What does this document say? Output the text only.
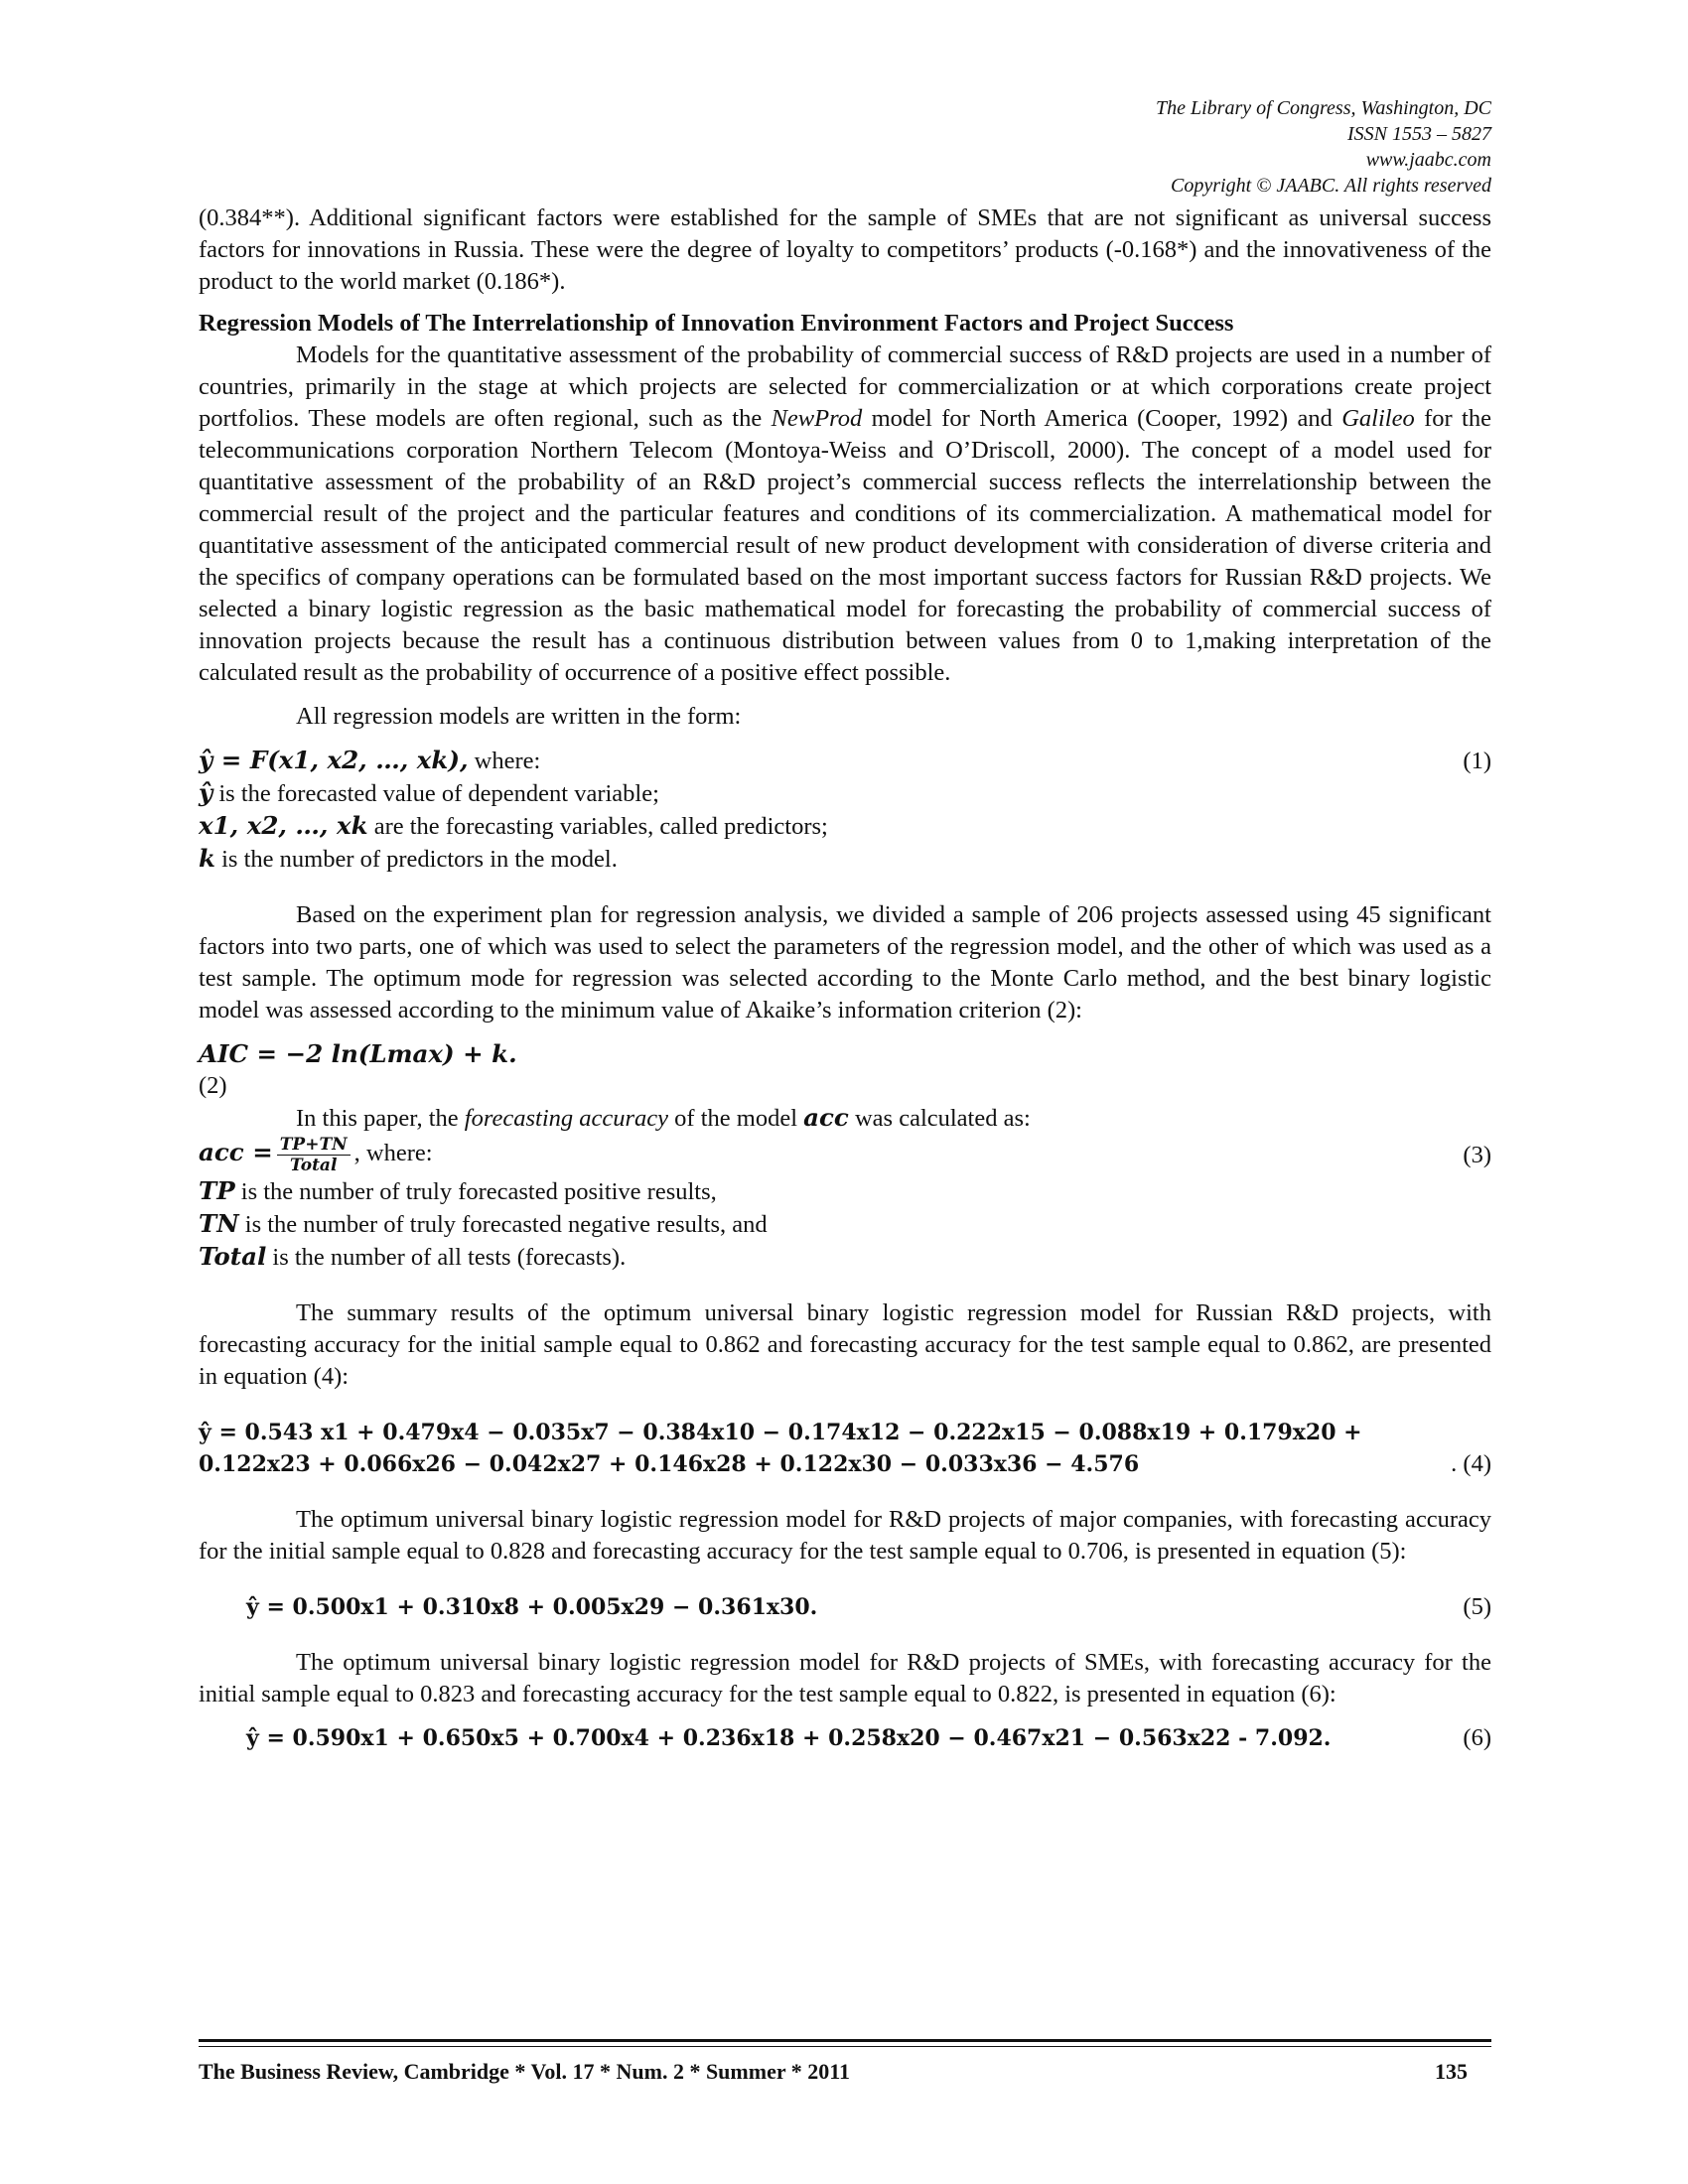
The Library of Congress, Washington, DC
ISSN 1553 – 5827
www.jaabc.com
Copyright © JAABC. All rights reserved

(0.384**). Additional significant factors were established for the sample of SMEs that are not significant as universal success factors for innovations in Russia. These were the degree of loyalty to competitors’ products (-0.168*) and the innovativeness of the product to the world market (0.186*).

Regression Models of The Interrelationship of Innovation Environment Factors and Project Success

Models for the quantitative assessment of the probability of commercial success of R&D projects are used in a number of countries, primarily in the stage at which projects are selected for commercialization or at which corporations create project portfolios. These models are often regional, such as the NewProd model for North America (Cooper, 1992) and Galileo for the telecommunications corporation Northern Telecom (Montoya-Weiss and O’Driscoll, 2000). The concept of a model used for quantitative assessment of the probability of an R&D project’s commercial success reflects the interrelationship between the commercial result of the project and the particular features and conditions of its commercialization. A mathematical model for quantitative assessment of the anticipated commercial result of new product development with consideration of diverse criteria and the specifics of company operations can be formulated based on the most important success factors for Russian R&D projects. We selected a binary logistic regression as the basic mathematical model for forecasting the probability of commercial success of innovation projects because the result has a continuous distribution between values from 0 to 1,making interpretation of the calculated result as the probability of occurrence of a positive effect possible.

All regression models are written in the form:

ŷ = F(x1, x2, …, xk), where:	(1)

ŷ is the forecasted value of dependent variable;

x1, x2, …, xk are the forecasting variables, called predictors;

k is the number of predictors in the model.

Based on the experiment plan for regression analysis, we divided a sample of 206 projects assessed using 45 significant factors into two parts, one of which was used to select the parameters of the regression model, and the other of which was used as a test sample. The optimum mode for regression was selected according to the Monte Carlo method, and the best binary logistic model was assessed according to the minimum value of Akaike’s information criterion (2):

AIC = −2 ln(Lmax) + k.

(2)

In this paper, the forecasting accuracy of the model acc was calculated as:

acc = $\frac{TP+TN}{\text{Total}}$ , where:	(3)

TP is the number of truly forecasted positive results,

TN is the number of truly forecasted negative results, and

Total is the number of all tests (forecasts).

The summary results of the optimum universal binary logistic regression model for Russian R&D projects, with forecasting accuracy for the initial sample equal to 0.862 and forecasting accuracy for the test sample equal to 0.862, are presented in equation (4):

ŷ = 0.543 x1 + 0.479x4 − 0.035x7 − 0.384x10 − 0.174x12 − 0.222x15 − 0.088x19 + 0.179x20 +

0.122x23 + 0.066x26 − 0.042x27 + 0.146x28 + 0.122x30 − 0.033x36 − 4.576	. (4)

The optimum universal binary logistic regression model for R&D projects of major companies, with forecasting accuracy for the initial sample equal to 0.828 and forecasting accuracy for the test sample equal to 0.706, is presented in equation (5):

ŷ = 0.500x1 + 0.310x8 + 0.005x29 − 0.361x30.	(5)

The optimum universal binary logistic regression model for R&D projects of SMEs, with forecasting accuracy for the initial sample equal to 0.823 and forecasting accuracy for the test sample equal to 0.822, is presented in equation (6):

ŷ = 0.590x1 + 0.650x5 + 0.700x4 + 0.236x18 + 0.258x20 − 0.467x21 − 0.563x22 - 7.092.	(6)
The Business Review, Cambridge * Vol. 17 * Num. 2 * Summer * 2011	135
